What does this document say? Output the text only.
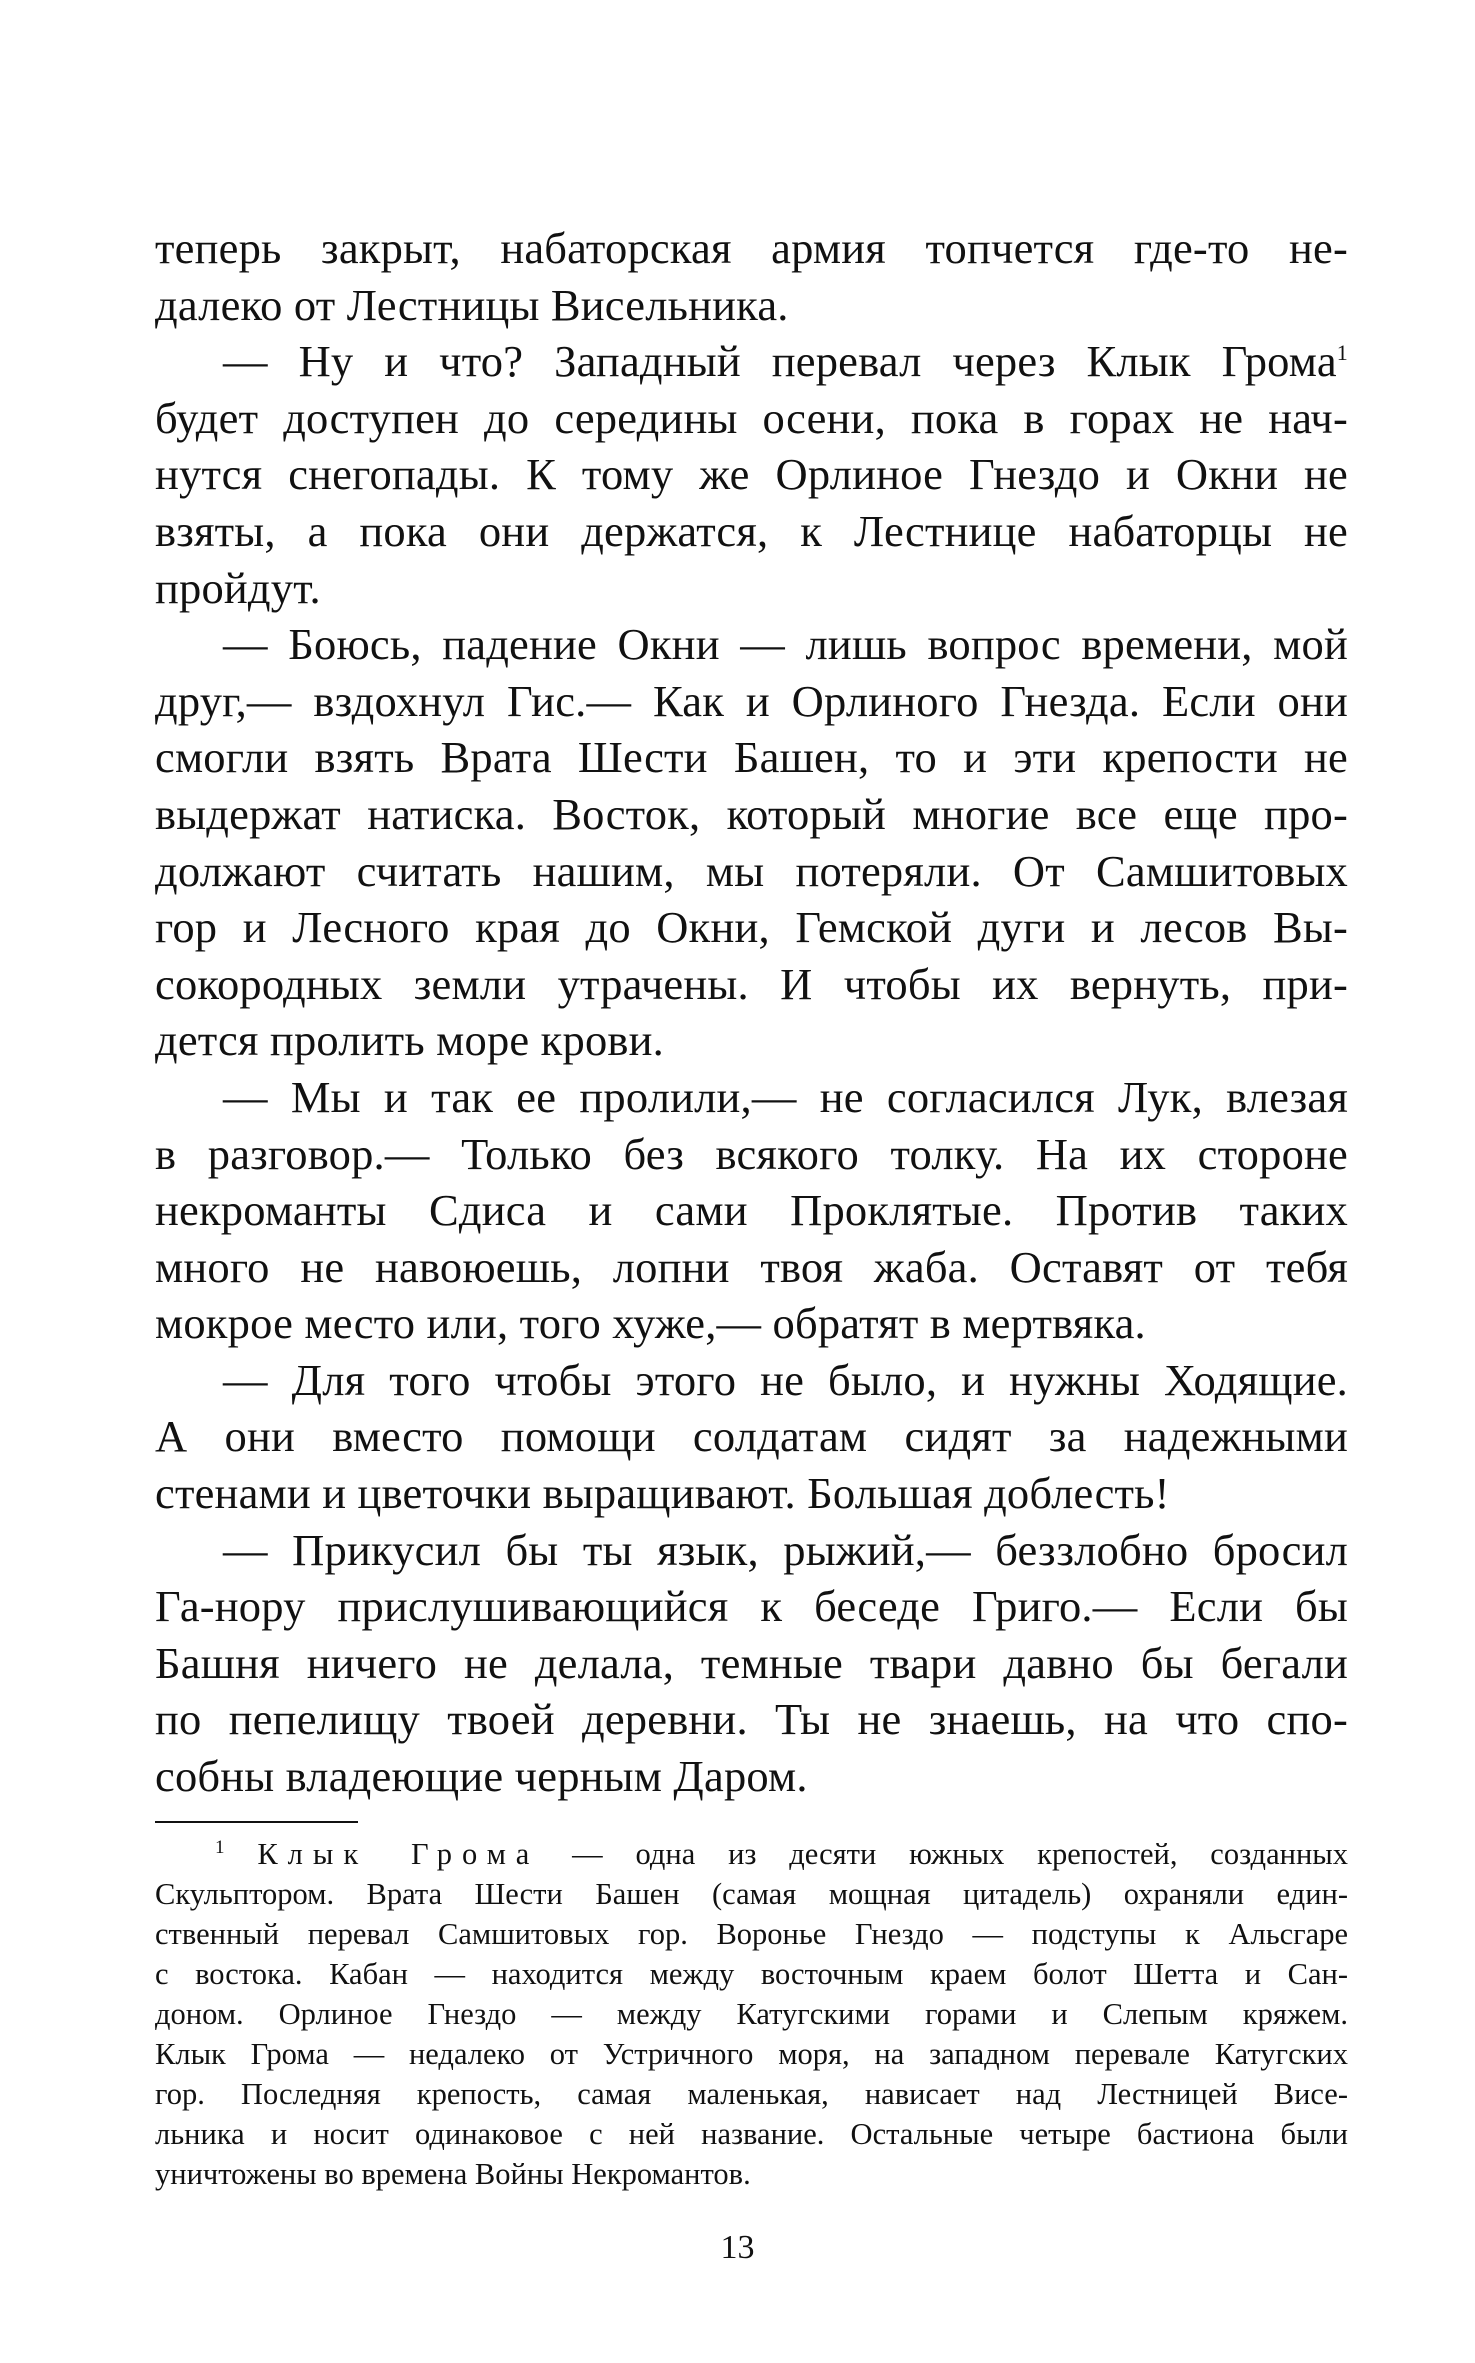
теперь закрыт, набаторская армия топчется где-то не-
далеко от Лестницы Висельника.
— Ну и что? Западный перевал через Клык Грома$^1$
будет доступен до середины осени, пока в горах не нач-
нутся снегопады. К тому же Орлиное Гнездо и Окни не
взяты, а пока они держатся, к Лестнице набаторцы не
пройдут.
— Боюсь, падение Окни — лишь вопрос времени, мой
друг,— вздохнул Гис.— Как и Орлиного Гнезда. Если они
смогли взять Врата Шести Башен, то и эти крепости не
выдержат натиска. Восток, который многие все еще про-
должают считать нашим, мы потеряли. От Самшитовых
гор и Лесного края до Окни, Гемской дуги и лесов Вы-
сокородных земли утрачены. И чтобы их вернуть, при-
дется пролить море крови.
— Мы и так ее пролили,— не согласился Лук, влезая
в разговор.— Только без всякого толку. На их стороне
некроманты Сдиса и сами Проклятые. Против таких
много не навоюешь, лопни твоя жаба. Оставят от тебя
мокрое место или, того хуже,— обратят в мертвяка.
— Для того чтобы этого не было, и нужны Ходящие.
А они вместо помощи солдатам сидят за надежными
стенами и цветочки выращивают. Большая доблесть!
— Прикусил бы ты язык, рыжий,— беззлобно бросил
Га-нору прислушивающийся к беседе Григо.— Если бы
Башня ничего не делала, темные твари давно бы бегали
по пепелищу твоей деревни. Ты не знаешь, на что спо-
собны владеющие черным Даром.
$^1$ Клык Грома — одна из десяти южных крепостей, созданных
Скульптором. Врата Шести Башен (самая мощная цитадель) охраняли един-
ственный перевал Самшитовых гор. Воронье Гнездо — подступы к Альсгаре
с востока. Кабан — находится между восточным краем болот Шетта и Сан-
доном. Орлиное Гнездо — между Катугскими горами и Слепым кряжем.
Клык Грома — недалеко от Устричного моря, на западном перевале Катугских
гор. Последняя крепость, самая маленькая, нависает над Лестницей Висе-
льника и носит одинаковое с ней название. Остальные четыре бастиона были
уничтожены во времена Войны Некромантов.
13
